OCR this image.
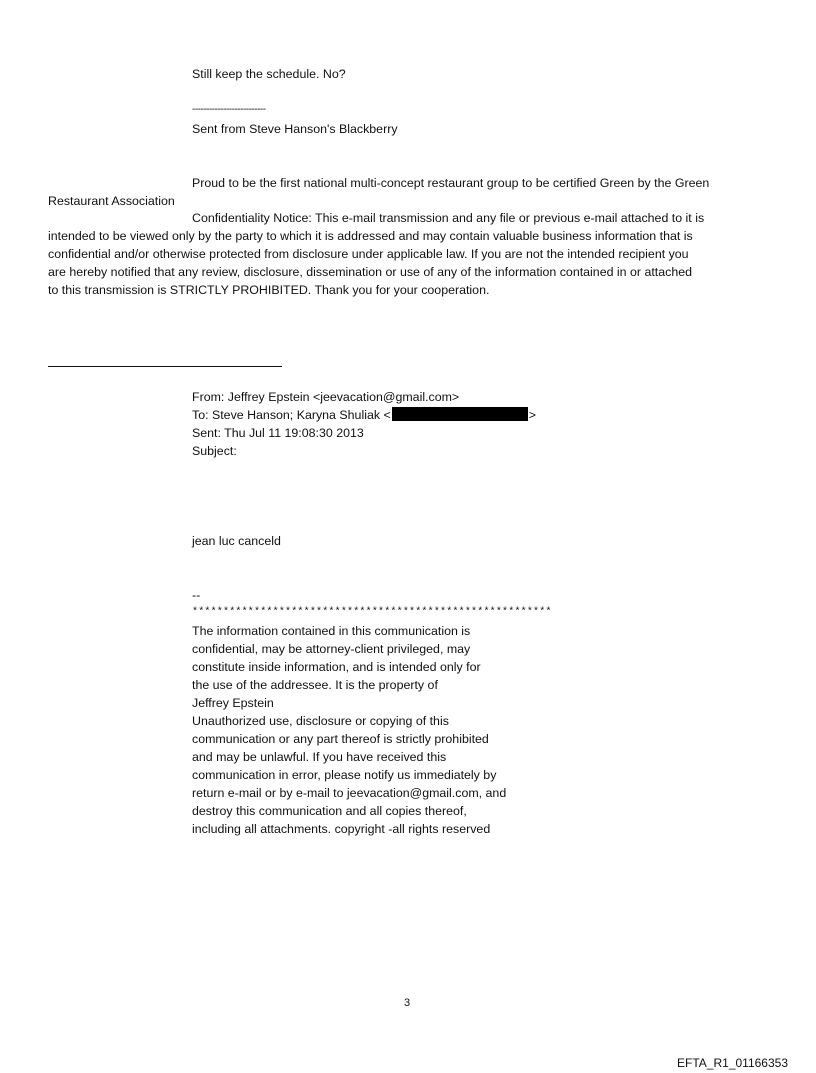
Still keep the schedule. No?
--------------------------
Sent from Steve Hanson's Blackberry
Proud to be the first national multi-concept restaurant group to be certified Green by the Green
Restaurant Association
Confidentiality Notice: This e-mail transmission and any file or previous e-mail attached to it is
intended to be viewed only by the party to which it is addressed and may contain valuable business information that is
confidential and/or otherwise protected from disclosure under applicable law. If you are not the intended recipient you
are hereby notified that any review, disclosure, dissemination or use of any of the information contained in or attached
to this transmission is STRICTLY PROHIBITED. Thank you for your cooperation.
From: Jeffrey Epstein <jeevacation@gmail.com>
To: Steve Hanson; Karyna Shuliak <	>
Sent: Thu Jul 11 19:08:30 2013
Subject:
jean luc canceld
--
**********************************************************
The information contained in this communication is
confidential, may be attorney-client privileged, may
constitute inside information, and is intended only for
the use of the addressee. It is the property of
Jeffrey Epstein
Unauthorized use, disclosure or copying of this
communication or any part thereof is strictly prohibited
and may be unlawful. If you have received this
communication in error, please notify us immediately by
return e-mail or by e-mail to jeevacation@gmail.com, and
destroy this communication and all copies thereof,
including all attachments. copyright -all rights reserved
3
EFTA_R1_01166353
